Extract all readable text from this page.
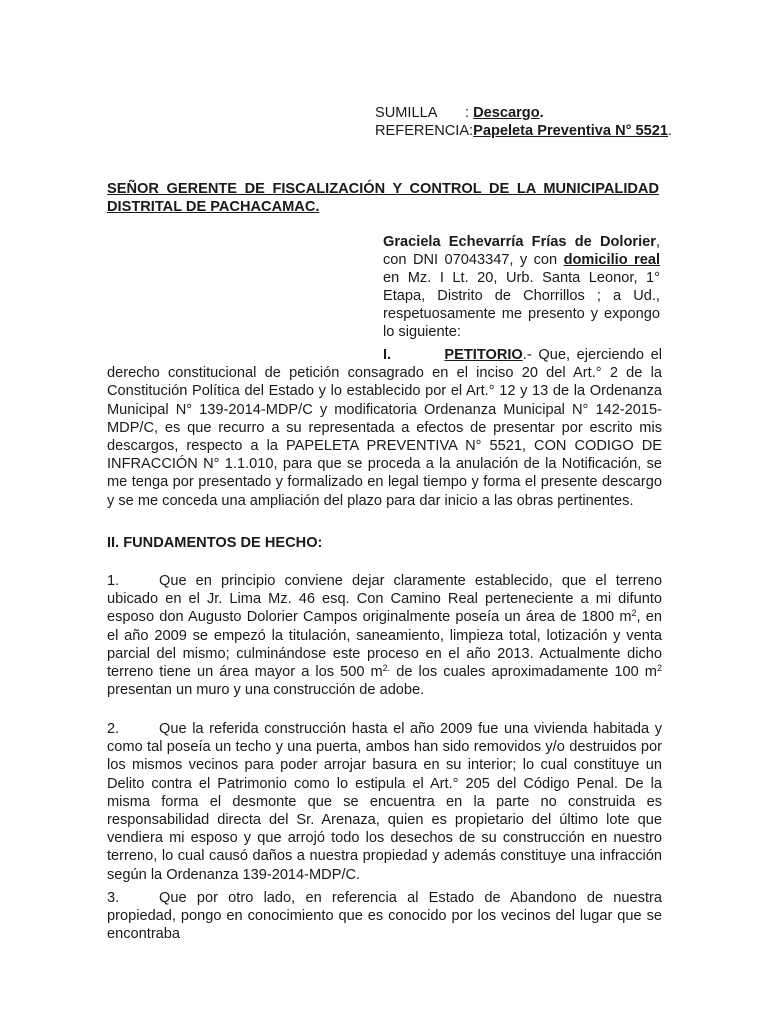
SUMILLA : Descargo.
REFERENCIA:Papeleta Preventiva N° 5521.
SEÑOR GERENTE DE FISCALIZACIÓN Y CONTROL DE LA MUNICIPALIDAD DISTRITAL DE PACHACAMAC.
Graciela Echevarría Frías de Dolorier, con DNI 07043347, y con domicilio real en Mz. I Lt. 20, Urb. Santa Leonor, 1° Etapa, Distrito de Chorrillos ; a Ud., respetuosamente me presento y expongo lo siguiente:
I.	PETITORIO.- Que, ejerciendo el
derecho constitucional de petición consagrado en el inciso 20 del Art.° 2 de la Constitución Política del Estado y lo establecido por el Art.° 12 y 13 de la Ordenanza Municipal N° 139-2014-MDP/C y modificatoria Ordenanza Municipal N° 142-2015-MDP/C, es que recurro a su representada a efectos de presentar por escrito mis descargos, respecto a la PAPELETA PREVENTIVA N° 5521, CON CODIGO DE INFRACCIÓN N° 1.1.010, para que se proceda a la anulación de la Notificación, se me tenga por presentado y formalizado en legal tiempo y forma el presente descargo y se me conceda una ampliación del plazo para dar inicio a las obras pertinentes.
II. FUNDAMENTOS DE HECHO:
1.	Que en principio conviene dejar claramente establecido, que el terreno ubicado en el Jr. Lima Mz. 46 esq. Con Camino Real perteneciente a mi difunto esposo don Augusto Dolorier Campos originalmente poseía un área de 1800 $m^2$, en el año 2009 se empezó la titulación, saneamiento, limpieza total, lotización y venta parcial del mismo; culminándose este proceso en el año 2013. Actualmente dicho terreno tiene un área mayor a los 500 $m^{2.}$ de los cuales aproximadamente 100 $m^2$ presentan un muro y una construcción de adobe.
2.	Que la referida construcción hasta el año 2009 fue una vivienda habitada y como tal poseía un techo y una puerta, ambos han sido removidos y/o destruidos por los mismos vecinos para poder arrojar basura en su interior; lo cual constituye un Delito contra el Patrimonio como lo estipula el Art.° 205 del Código Penal. De la misma forma el desmonte que se encuentra en la parte no construida es responsabilidad directa del Sr. Arenaza, quien es propietario del último lote que vendiera mi esposo y que arrojó todo los desechos de su construcción en nuestro terreno, lo cual causó daños a nuestra propiedad y además constituye una infracción según la Ordenanza 139-2014-MDP/C.
3.	Que por otro lado, en referencia al Estado de Abandono de nuestra propiedad, pongo en conocimiento que es conocido por los vecinos del lugar que se encontraba
